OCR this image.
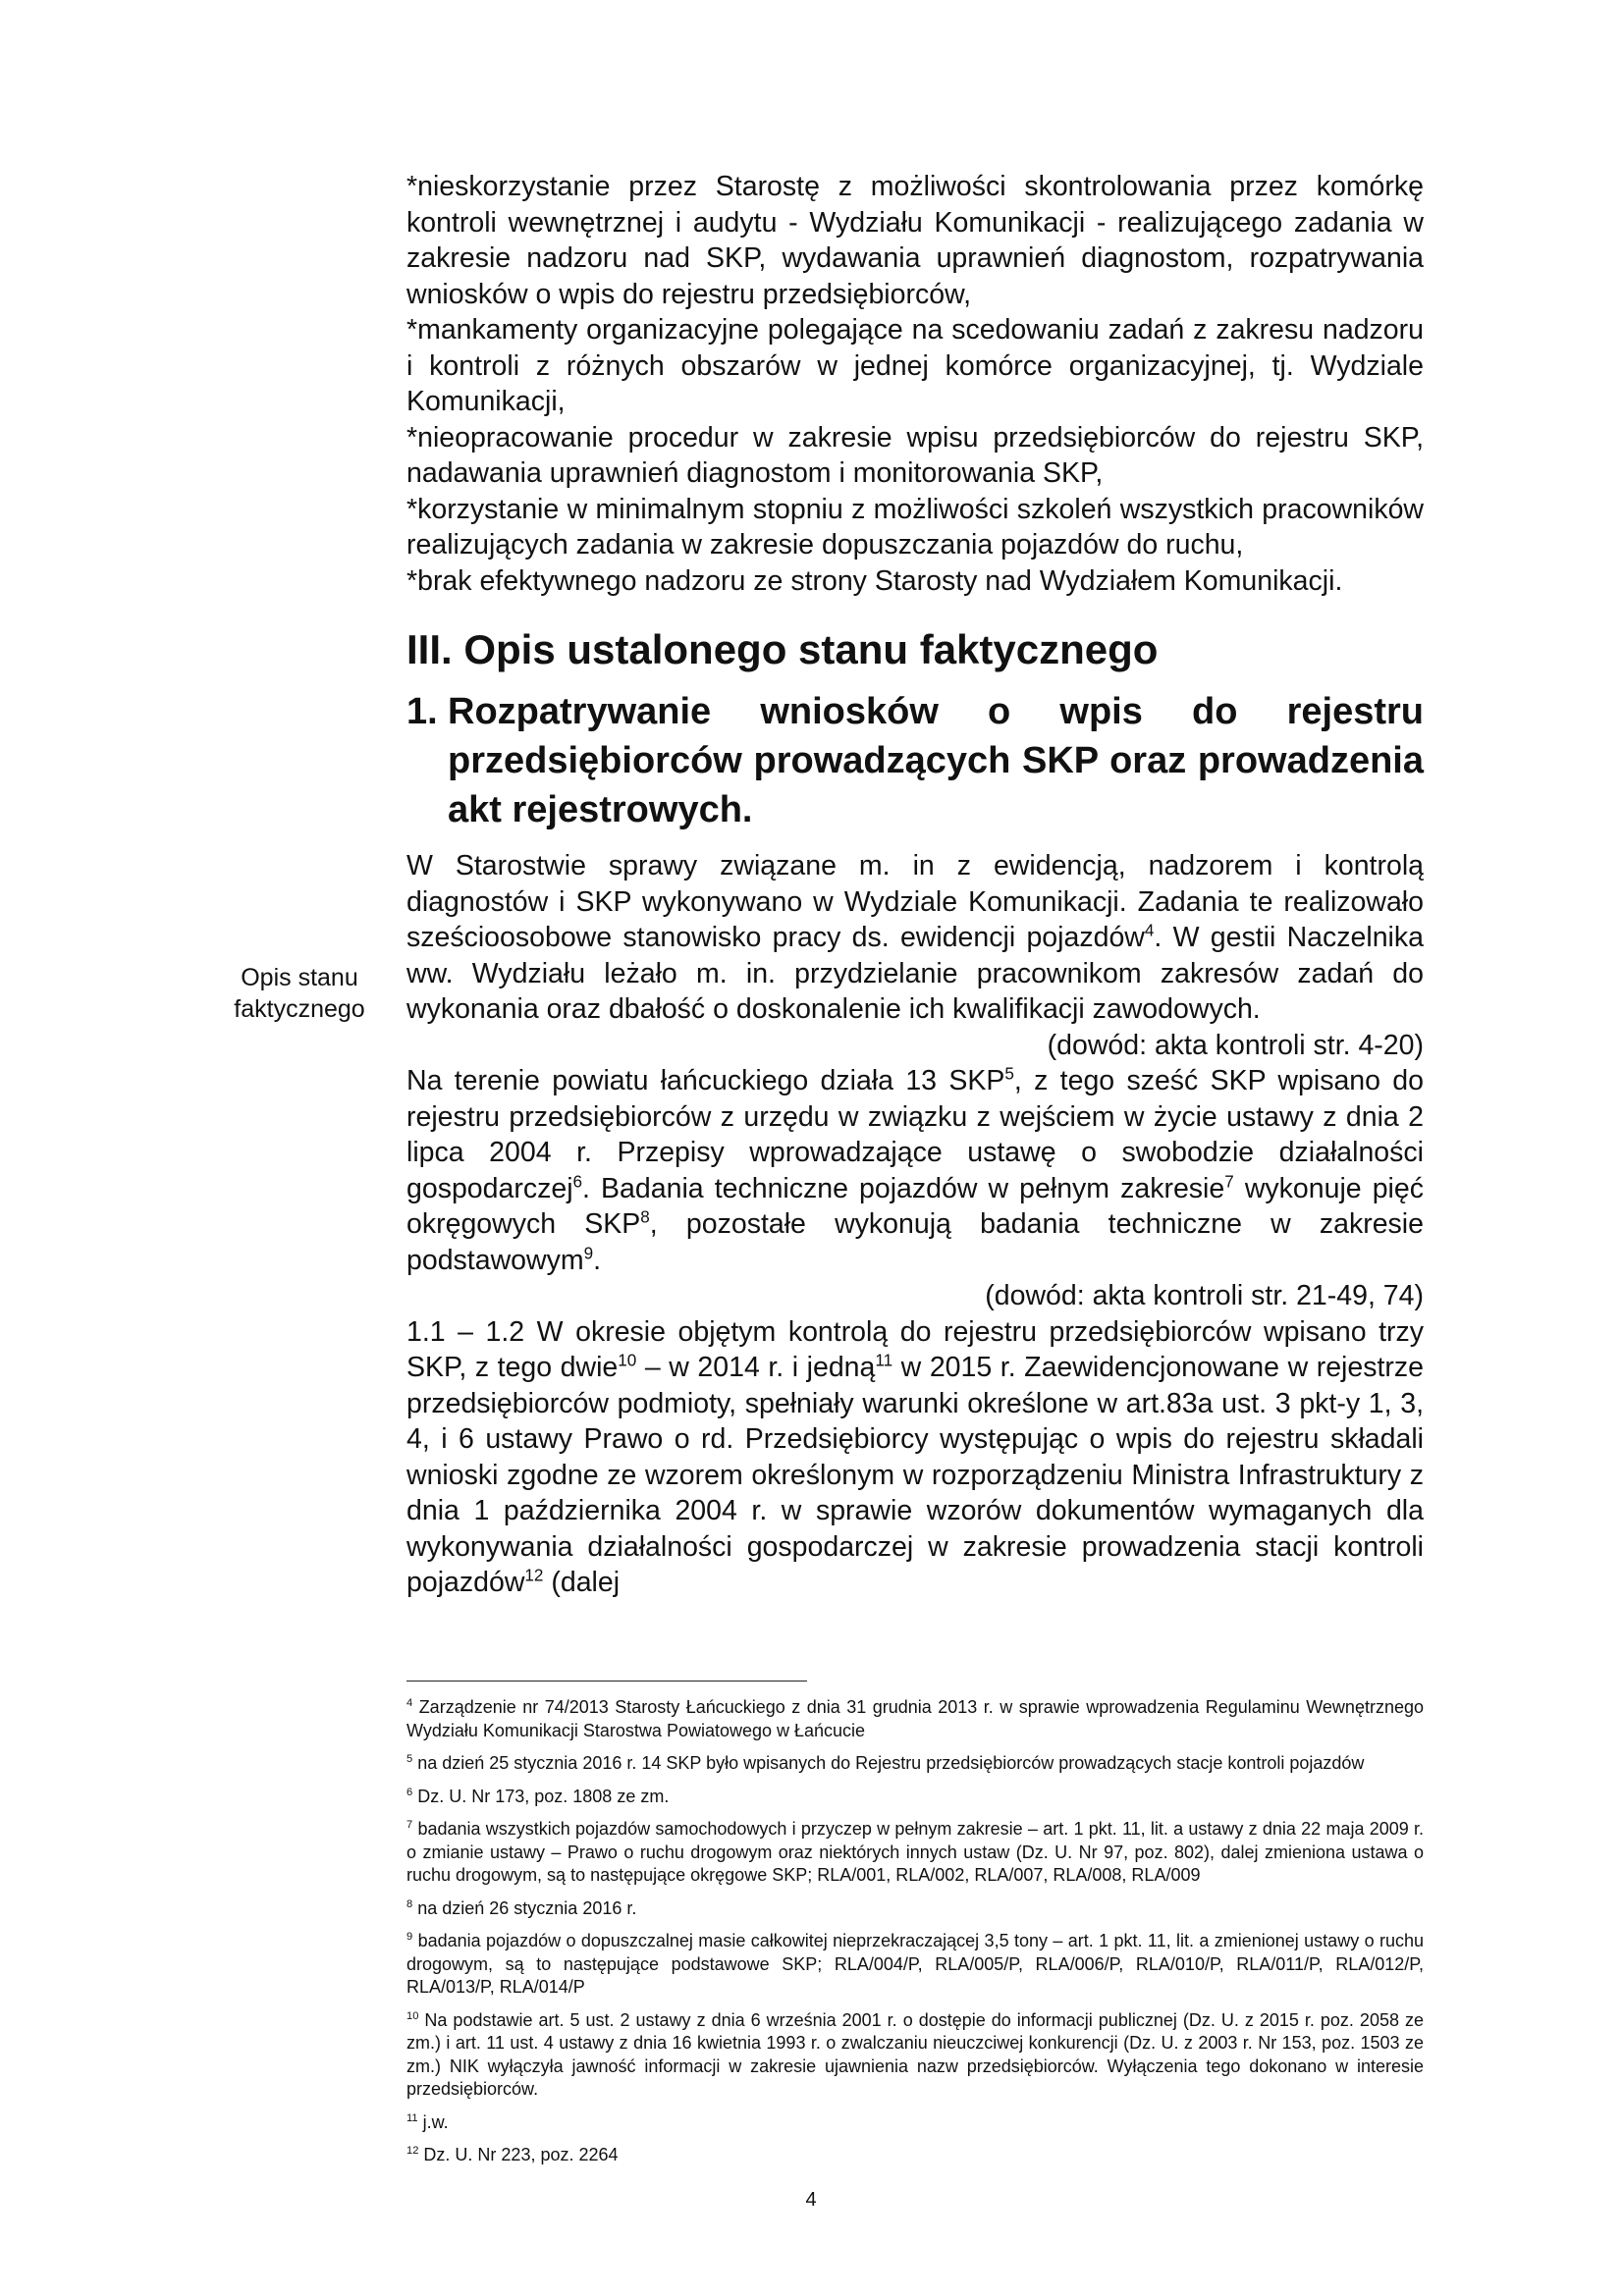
*nieskorzystanie przez Starostę z możliwości skontrolowania przez komórkę kontroli wewnętrznej i audytu - Wydziału Komunikacji - realizującego zadania w zakresie nadzoru nad SKP, wydawania uprawnień diagnostom, rozpatrywania wniosków o wpis do rejestru przedsiębiorców,

*mankamenty organizacyjne polegające na scedowaniu zadań z zakresu nadzoru i kontroli z różnych obszarów w jednej komórce organizacyjnej, tj. Wydziale Komunikacji,

*nieopracowanie procedur w zakresie wpisu przedsiębiorców do rejestru SKP, nadawania uprawnień diagnostom i monitorowania SKP,

*korzystanie w minimalnym stopniu z możliwości szkoleń wszystkich pracowników realizujących zadania w zakresie dopuszczania pojazdów do ruchu,

*brak efektywnego nadzoru ze strony Starosty nad Wydziałem Komunikacji.

III. Opis ustalonego stanu faktycznego
1. Rozpatrywanie wniosków o wpis do rejestru przedsiębiorców prowadzących SKP oraz prowadzenia akt rejestrowych.

W Starostwie sprawy związane m. in z ewidencją, nadzorem i kontrolą diagnostów i SKP wykonywano w Wydziale Komunikacji. Zadania te realizowało sześcioosobowe stanowisko pracy ds. ewidencji pojazdów$^4$. W gestii Naczelnika ww. Wydziału leżało m. in. przydzielanie pracownikom zakresów zadań do wykonania oraz dbałość o doskonalenie ich kwalifikacji zawodowych.

(dowód: akta kontroli str. 4-20)

Na terenie powiatu łańcuckiego działa 13 SKP$^5$, z tego sześć SKP wpisano do rejestru przedsiębiorców z urzędu w związku z wejściem w życie ustawy z dnia 2 lipca 2004 r. Przepisy wprowadzające ustawę o swobodzie działalności gospodarczej$^6$. Badania techniczne pojazdów w pełnym zakresie$^7$ wykonuje pięć okręgowych SKP$^8$, pozostałe wykonują badania techniczne w zakresie podstawowym$^9$.

(dowód: akta kontroli str. 21-49, 74)

1.1 – 1.2 W okresie objętym kontrolą do rejestru przedsiębiorców wpisano trzy SKP, z tego dwie$^{10}$ – w 2014 r. i jedną$^{11}$ w 2015 r. Zaewidencjonowane w rejestrze przedsiębiorców podmioty, spełniały warunki określone w art.83a ust. 3 pkt-y 1, 3, 4, i 6 ustawy Prawo o rd. Przedsiębiorcy występując o wpis do rejestru składali wnioski zgodne ze wzorem określonym w rozporządzeniu Ministra Infrastruktury z dnia 1 października 2004 r. w sprawie wzorów dokumentów wymaganych dla wykonywania działalności gospodarczej w zakresie prowadzenia stacji kontroli pojazdów$^{12}$ (dalej

Opis stanu faktycznego

$^4$ Zarządzenie nr 74/2013 Starosty Łańcuckiego z dnia 31 grudnia 2013 r. w sprawie wprowadzenia Regulaminu Wewnętrznego Wydziału Komunikacji Starostwa Powiatowego w Łańcucie

$^5$ na dzień 25 stycznia 2016 r. 14 SKP było wpisanych do Rejestru przedsiębiorców prowadzących stacje kontroli pojazdów

$^6$ Dz. U. Nr 173, poz. 1808 ze zm.

$^7$ badania wszystkich pojazdów samochodowych i przyczep w pełnym zakresie – art. 1 pkt. 11, lit. a ustawy z dnia 22 maja 2009 r. o zmianie ustawy – Prawo o ruchu drogowym oraz niektórych innych ustaw (Dz. U. Nr 97, poz. 802), dalej zmieniona ustawa o ruchu drogowym, są to następujące okręgowe SKP; RLA/001, RLA/002, RLA/007, RLA/008, RLA/009

$^8$ na dzień 26 stycznia 2016 r.

$^9$ badania pojazdów o dopuszczalnej masie całkowitej nieprzekraczającej 3,5 tony – art. 1 pkt. 11, lit. a zmienionej ustawy o ruchu drogowym, są to następujące podstawowe SKP; RLA/004/P, RLA/005/P, RLA/006/P, RLA/010/P, RLA/011/P, RLA/012/P, RLA/013/P, RLA/014/P

$^{10}$ Na podstawie art. 5 ust. 2 ustawy z dnia 6 września 2001 r. o dostępie do informacji publicznej (Dz. U. z 2015 r. poz. 2058 ze zm.) i art. 11 ust. 4 ustawy z dnia 16 kwietnia 1993 r. o zwalczaniu nieuczciwej konkurencji (Dz. U. z 2003 r. Nr 153, poz. 1503 ze zm.) NIK wyłączyła jawność informacji w zakresie ujawnienia nazw przedsiębiorców. Wyłączenia tego dokonano w interesie przedsiębiorców.

$^{11}$ j.w.

$^{12}$ Dz. U. Nr 223, poz. 2264

4
